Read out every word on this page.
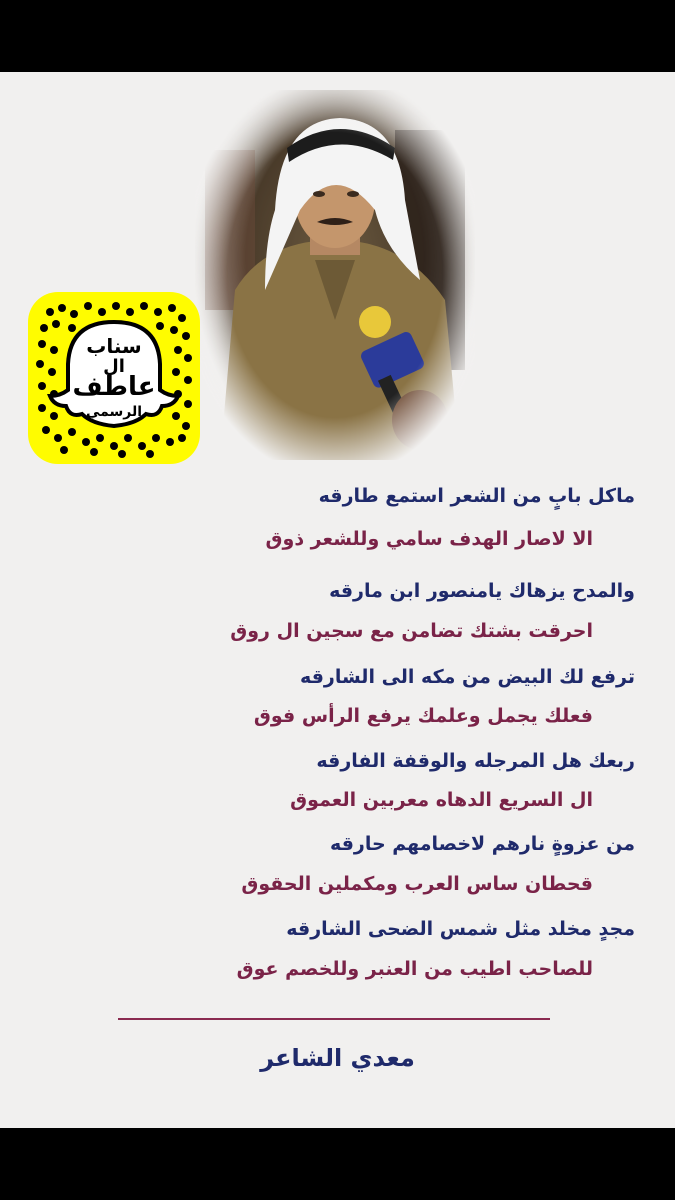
سناب
ال
عاطف
الرسمي
ماكل بابٍ من الشعر استمع طارقه
الا لاصار الهدف سامي وللشعر ذوق
والمدح يزهاك يامنصور ابن مارقه
احرقت بشتك تضامن مع سجين ال روق
ترفع لك البيض من مكه الى الشارقه
فعلك يجمل وعلمك يرفع الرأس فوق
ربعك هل المرجله والوقفة الفارقه
ال السريع الدهاه معربين العموق
من عزوةٍ نارهم لاخصامهم حارقه
قحطان ساس العرب ومكملين الحقوق
مجدٍ مخلد مثل شمس الضحى الشارقه
للصاحب اطيب من العنبر وللخصم عوق
معدي الشاعر
